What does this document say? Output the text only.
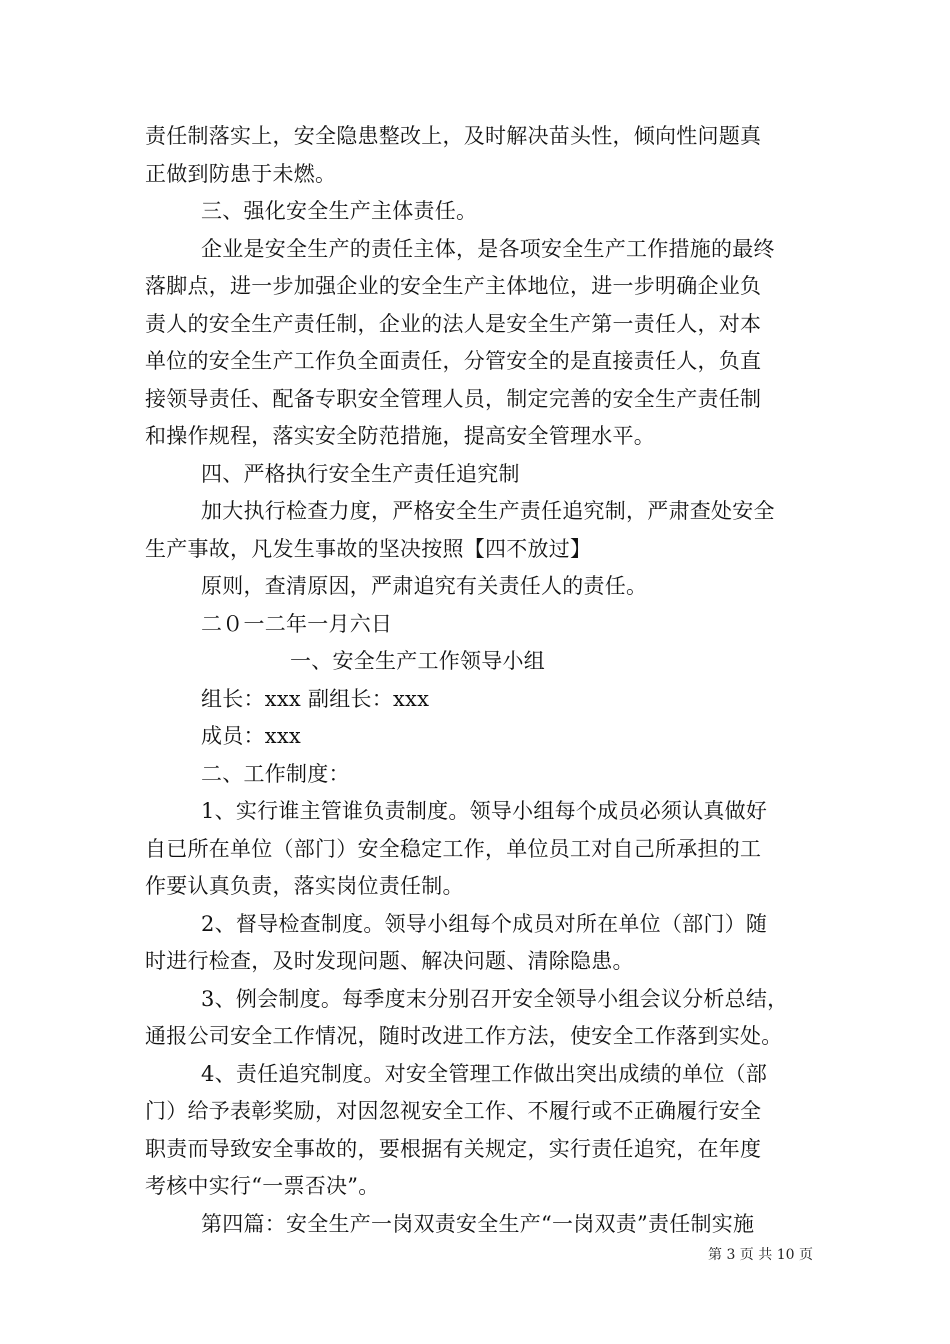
责任制落实上，安全隐患整改上，及时解决苗头性，倾向性问题真
正做到防患于未燃。
三、强化安全生产主体责任。
企业是安全生产的责任主体，是各项安全生产工作措施的最终
落脚点，进一步加强企业的安全生产主体地位，进一步明确企业负
责人的安全生产责任制，企业的法人是安全生产第一责任人，对本
单位的安全生产工作负全面责任，分管安全的是直接责任人，负直
接领导责任、配备专职安全管理人员，制定完善的安全生产责任制
和操作规程，落实安全防范措施，提高安全管理水平。
四、严格执行安全生产责任追究制
加大执行检查力度，严格安全生产责任追究制，严肃查处安全
生产事故，凡发生事故的坚决按照【四不放过】
原则，查清原因，严肃追究有关责任人的责任。
二０一二年一月六日
一、安全生产工作领导小组
组长：xxx 副组长：xxx
成员：xxx
二、工作制度：
1、实行谁主管谁负责制度。领导小组每个成员必须认真做好
自已所在单位（部门）安全稳定工作，单位员工对自己所承担的工
作要认真负责，落实岗位责任制。
2、督导检查制度。领导小组每个成员对所在单位（部门）随
时进行检查，及时发现问题、解决问题、清除隐患。
3、例会制度。每季度末分别召开安全领导小组会议分析总结，
通报公司安全工作情况，随时改进工作方法，使安全工作落到实处。
4、责任追究制度。对安全管理工作做出突出成绩的单位（部
门）给予表彰奖励，对因忽视安全工作、不履行或不正确履行安全
职责而导致安全事故的，要根据有关规定，实行责任追究，在年度
考核中实行“一票否决”。
第四篇：安全生产一岗双责安全生产“一岗双责”责任制实施
第 3 页 共 10 页
